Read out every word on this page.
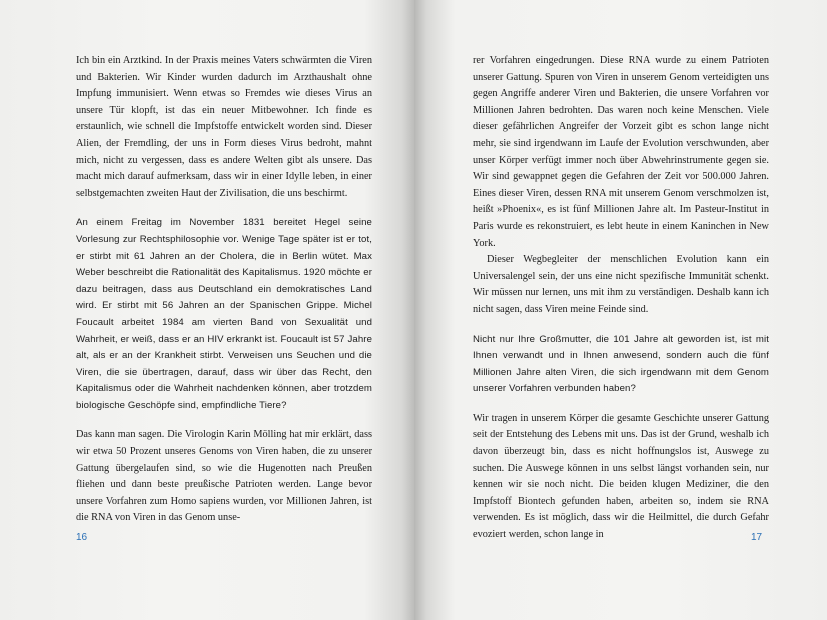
Ich bin ein Arztkind. In der Praxis meines Vaters schwärmten die Viren und Bakterien. Wir Kinder wurden dadurch im Arzthaushalt ohne Impfung immunisiert. Wenn etwas so Fremdes wie dieses Virus an unsere Tür klopft, ist das ein neuer Mitbewohner. Ich finde es erstaunlich, wie schnell die Impfstoffe entwickelt worden sind. Dieser Alien, der Fremdling, der uns in Form dieses Virus bedroht, mahnt mich, nicht zu vergessen, dass es andere Welten gibt als unsere. Das macht mich darauf aufmerksam, dass wir in einer Idylle leben, in einer selbstgemachten zweiten Haut der Zivilisation, die uns beschirmt.

An einem Freitag im November 1831 bereitet Hegel seine Vorlesung zur Rechtsphilosophie vor. Wenige Tage später ist er tot, er stirbt mit 61 Jahren an der Cholera, die in Berlin wütet. Max Weber beschreibt die Rationalität des Kapitalismus. 1920 möchte er dazu beitragen, dass aus Deutschland ein demokratisches Land wird. Er stirbt mit 56 Jahren an der Spanischen Grippe. Michel Foucault arbeitet 1984 am vierten Band von Sexualität und Wahrheit, er weiß, dass er an HIV erkrankt ist. Foucault ist 57 Jahre alt, als er an der Krankheit stirbt. Verweisen uns Seuchen und die Viren, die sie übertragen, darauf, dass wir über das Recht, den Kapitalismus oder die Wahrheit nachdenken können, aber trotzdem biologische Geschöpfe sind, empfindliche Tiere?

Das kann man sagen. Die Virologin Karin Mölling hat mir erklärt, dass wir etwa 50 Prozent unseres Genoms von Viren haben, die zu unserer Gattung übergelaufen sind, so wie die Hugenotten nach Preußen fliehen und dann beste preußische Patrioten werden. Lange bevor unsere Vorfahren zum Homo sapiens wurden, vor Millionen Jahren, ist die RNA von Viren in das Genom unse-

16

rer Vorfahren eingedrungen. Diese RNA wurde zu einem Patrioten unserer Gattung. Spuren von Viren in unserem Genom verteidigten uns gegen Angriffe anderer Viren und Bakterien, die unsere Vorfahren vor Millionen Jahren bedrohten. Das waren noch keine Menschen. Viele dieser gefährlichen Angreifer der Vorzeit gibt es schon lange nicht mehr, sie sind irgendwann im Laufe der Evolution verschwunden, aber unser Körper verfügt immer noch über Abwehrinstrumente gegen sie. Wir sind gewappnet gegen die Gefahren der Zeit vor 500.000 Jahren. Eines dieser Viren, dessen RNA mit unserem Genom verschmolzen ist, heißt »Phoenix«, es ist fünf Millionen Jahre alt. Im Pasteur-Institut in Paris wurde es rekonstruiert, es lebt heute in einem Kaninchen in New York.

Dieser Wegbegleiter der menschlichen Evolution kann ein Universalengel sein, der uns eine nicht spezifische Immunität schenkt. Wir müssen nur lernen, uns mit ihm zu verständigen. Deshalb kann ich nicht sagen, dass Viren meine Feinde sind.

Nicht nur Ihre Großmutter, die 101 Jahre alt geworden ist, ist mit Ihnen verwandt und in Ihnen anwesend, sondern auch die fünf Millionen Jahre alten Viren, die sich irgendwann mit dem Genom unserer Vorfahren verbunden haben?

Wir tragen in unserem Körper die gesamte Geschichte unserer Gattung seit der Entstehung des Lebens mit uns. Das ist der Grund, weshalb ich davon überzeugt bin, dass es nicht hoffnungslos ist, Auswege zu suchen. Die Auswege können in uns selbst längst vorhanden sein, nur kennen wir sie noch nicht. Die beiden klugen Mediziner, die den Impfstoff Biontech gefunden haben, arbeiten so, indem sie RNA verwenden. Es ist möglich, dass wir die Heilmittel, die durch Gefahr evoziert werden, schon lange in	17
